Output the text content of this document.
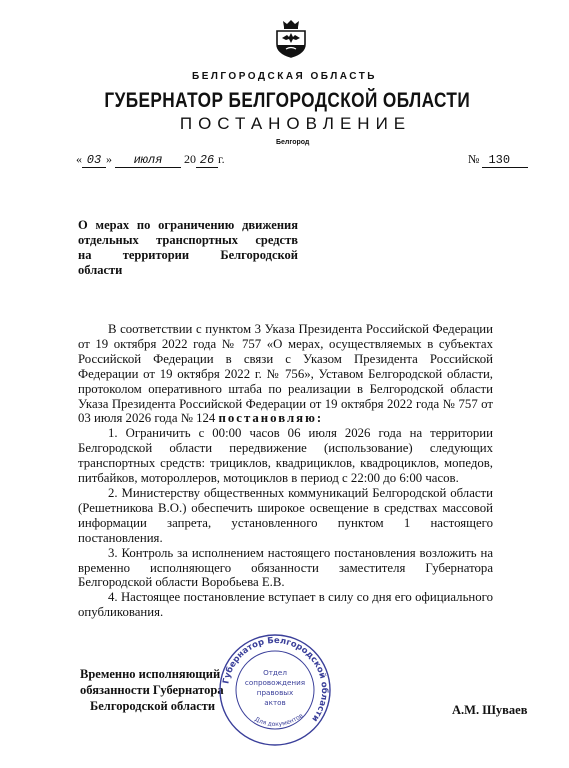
БЕЛГОРОДСКАЯ ОБЛАСТЬ
ГУБЕРНАТОР БЕЛГОРОДСКОЙ ОБЛАСТИ
ПОСТАНОВЛЕНИЕ
Белгород
« 03 » июля 20 26 г.	№ 130
О мерах по ограничению движения
отдельных транспортных средств
на	территории	Белгородской
области

В соответствии с пунктом 3 Указа Президента Российской Федерации от 19 октября 2022 года № 757 «О мерах, осуществляемых в субъектах Российской Федерации в связи с Указом Президента Российской Федерации от 19 октября 2022 г. № 756», Уставом Белгородской области, протоколом оперативного штаба по реализации в Белгородской области Указа Президента Российской Федерации от 19 октября 2022 года № 757 от 03 июля 2026 года № 124 постановляю:

1. Ограничить с 00:00 часов 06 июля 2026 года на территории Белгородской области передвижение (использование) следующих транспортных средств: трициклов, квадрициклов, квадроциклов, мопедов, питбайков, мотороллеров, мотоциклов в период с 22:00 до 6:00 часов.

2. Министерству общественных коммуникаций Белгородской области (Решетникова В.О.) обеспечить широкое освещение в средствах массовой информации запрета, установленного пунктом 1 настоящего постановления.

3. Контроль за исполнением настоящего постановления возложить на временно исполняющего обязанности заместителя Губернатора Белгородской области Воробьева Е.В.

4. Настоящее постановление вступает в силу со дня его официального опубликования.

Временно исполняющий
обязанности Губернатора
Белгородской области
Губернатор Белгородской области
Для документов
Отдел
сопровождения
правовых
актов
А.М. Шуваев
